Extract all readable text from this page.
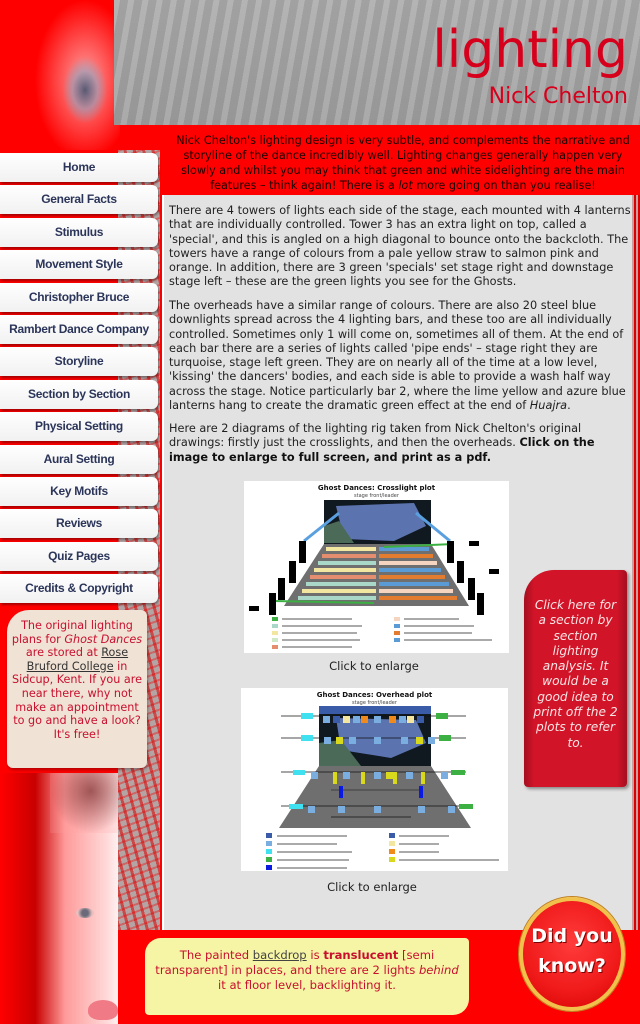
lighting
Nick Chelton
Nick Chelton's lighting design is very subtle, and complements the narrative and storyline of the dance incredibly well. Lighting changes generally happen very slowly and whilst you may think that green and white sidelighting are the main features – think again! There is a lot more going on than you realise!
Home
General Facts
Stimulus
Movement Style
Christopher Bruce
Rambert Dance Company
Storyline
Section by Section
Physical Setting
Aural Setting
Key Motifs
Reviews
Quiz Pages
Credits & Copyright
The original lighting plans for Ghost Dances are stored at Rose Bruford College in Sidcup, Kent. If you are near there, why not make an appointment to go and have a look? It's free!

There are 4 towers of lights each side of the stage, each mounted with 4 lanterns that are individually controlled. Tower 3 has an extra light on top, called a 'special', and this is angled on a high diagonal to bounce onto the backcloth. The towers have a range of colours from a pale yellow straw to salmon pink and orange. In addition, there are 3 green 'specials' set stage right and downstage stage left – these are the green lights you see for the Ghosts.

The overheads have a similar range of colours. There are also 20 steel blue downlights spread across the 4 lighting bars, and these too are all individually controlled. Sometimes only 1 will come on, sometimes all of them. At the end of each bar there are a series of lights called 'pipe ends' – stage right they are turquoise, stage left green. They are on nearly all of the time at a low level, 'kissing' the dancers' bodies, and each side is able to provide a wash half way across the stage. Notice particularly bar 2, where the lime yellow and azure blue lanterns hang to create the dramatic green effect at the end of Huajra.

Here are 2 diagrams of the lighting rig taken from Nick Chelton's original drawings: firstly just the crosslights, and then the overheads. Click on the image to enlarge to full screen, and print as a pdf.

Ghost Dances: Crosslight plot
stage front/leader
Click to enlarge
Ghost Dances: Overhead plot
stage front/leader
Click to enlarge
Click here for a section by section lighting analysis. It would be a good idea to print off the 2 plots to refer to.
The painted backdrop is translucent [semi transparent] in places, and there are 2 lights behind it at floor level, backlighting it.
Did you
know?
